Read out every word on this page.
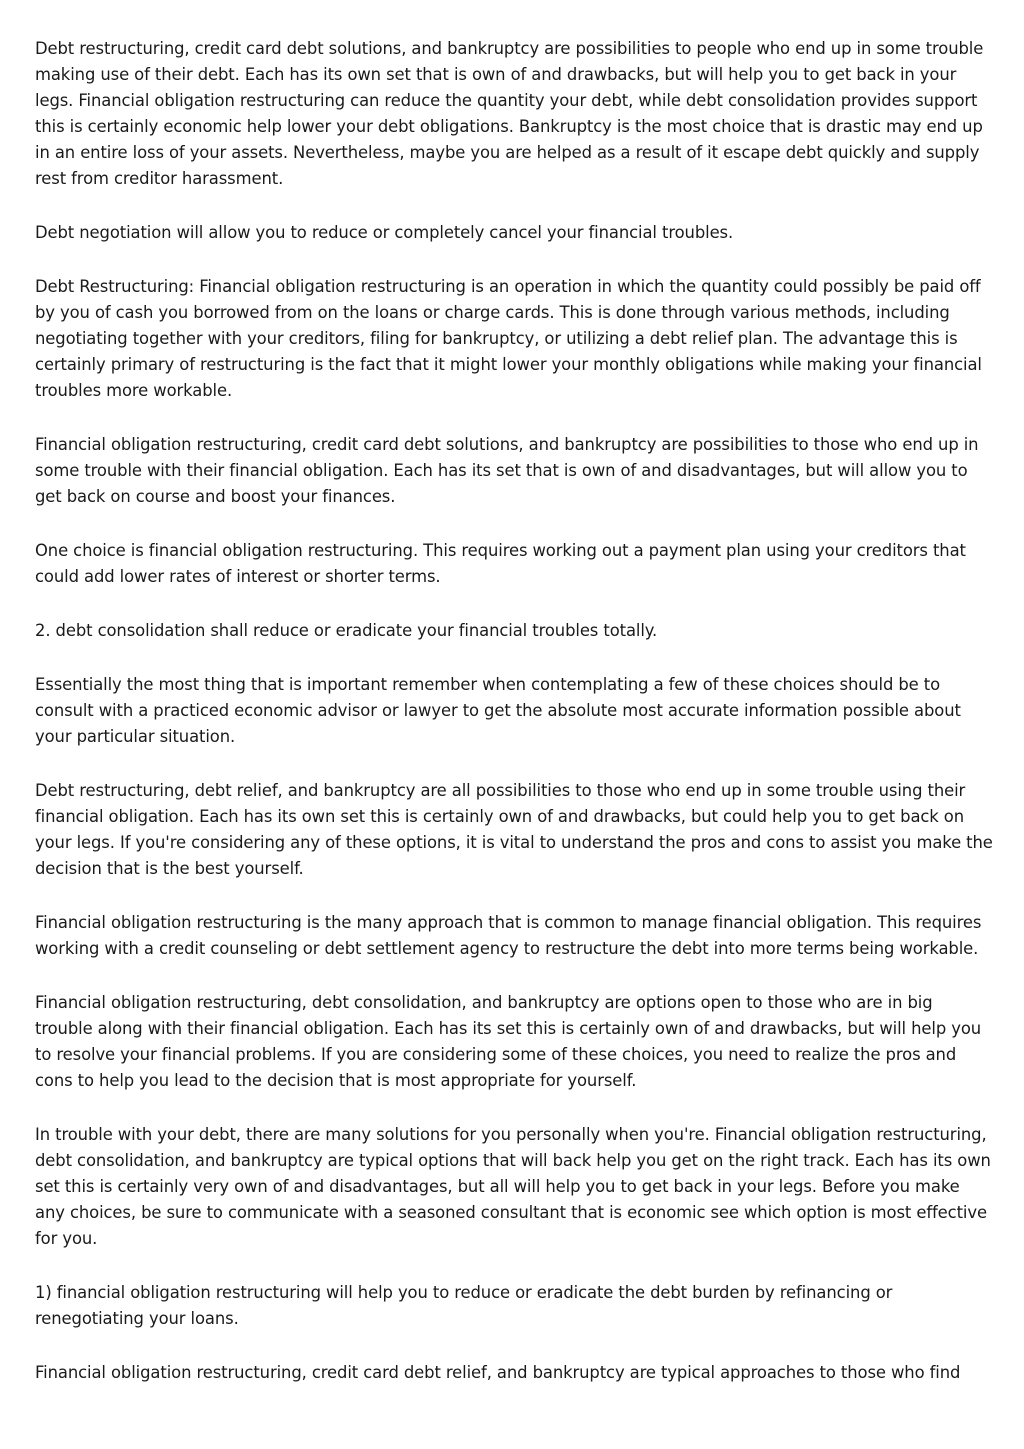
Debt restructuring, credit card debt solutions, and bankruptcy are possibilities to people who end up in some trouble making use of their debt. Each has its own set that is own of and drawbacks, but will help you to get back in your legs. Financial obligation restructuring can reduce the quantity your debt, while debt consolidation provides support this is certainly economic help lower your debt obligations. Bankruptcy is the most choice that is drastic may end up in an entire loss of your assets. Nevertheless, maybe you are helped as a result of it escape debt quickly and supply rest from creditor harassment.

Debt negotiation will allow you to reduce or completely cancel your financial troubles.

Debt Restructuring: Financial obligation restructuring is an operation in which the quantity could possibly be paid off by you of cash you borrowed from on the loans or charge cards. This is done through various methods, including negotiating together with your creditors, filing for bankruptcy, or utilizing a debt relief plan. The advantage this is certainly primary of restructuring is the fact that it might lower your monthly obligations while making your financial troubles more workable.

Financial obligation restructuring, credit card debt solutions, and bankruptcy are possibilities to those who end up in some trouble with their financial obligation. Each has its set that is own of and disadvantages, but will allow you to get back on course and boost your finances.

One choice is financial obligation restructuring. This requires working out a payment plan using your creditors that could add lower rates of interest or shorter terms.

2. debt consolidation shall reduce or eradicate your financial troubles totally.

Essentially the most thing that is important remember when contemplating a few of these choices should be to consult with a practiced economic advisor or lawyer to get the absolute most accurate information possible about your particular situation.

Debt restructuring, debt relief, and bankruptcy are all possibilities to those who end up in some trouble using their financial obligation. Each has its own set this is certainly own of and drawbacks, but could help you to get back on your legs. If you're considering any of these options, it is vital to understand the pros and cons to assist you make the decision that is the best yourself.

Financial obligation restructuring is the many approach that is common to manage financial obligation. This requires working with a credit counseling or debt settlement agency to restructure the debt into more terms being workable.

Financial obligation restructuring, debt consolidation, and bankruptcy are options open to those who are in big trouble along with their financial obligation. Each has its set this is certainly own of and drawbacks, but will help you to resolve your financial problems. If you are considering some of these choices, you need to realize the pros and cons to help you lead to the decision that is most appropriate for yourself.

In trouble with your debt, there are many solutions for you personally when you're. Financial obligation restructuring, debt consolidation, and bankruptcy are typical options that will back help you get on the right track. Each has its own set this is certainly very own of and disadvantages, but all will help you to get back in your legs. Before you make any choices, be sure to communicate with a seasoned consultant that is economic see which option is most effective for you.

1) financial obligation restructuring will help you to reduce or eradicate the debt burden by refinancing or renegotiating your loans.

Financial obligation restructuring, credit card debt relief, and bankruptcy are typical approaches to those who find
